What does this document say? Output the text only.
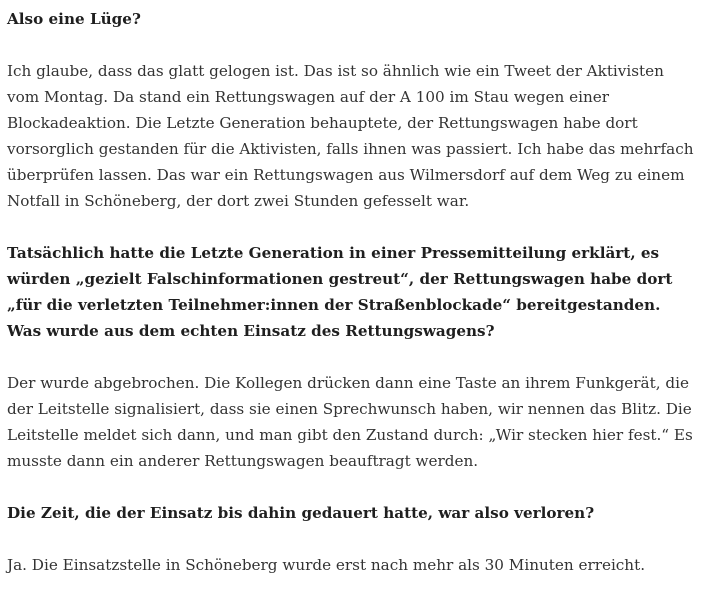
Also eine Lüge?

Ich glaube, dass das glatt gelogen ist. Das ist so ähnlich wie ein Tweet der Aktivisten vom Montag. Da stand ein Rettungswagen auf der A 100 im Stau wegen einer Blockadeaktion. Die Letzte Generation behauptete, der Rettungswagen habe dort vorsorglich gestanden für die Aktivisten, falls ihnen was passiert. Ich habe das mehrfach überprüfen lassen. Das war ein Rettungswagen aus Wilmersdorf auf dem Weg zu einem Notfall in Schöneberg, der dort zwei Stunden gefesselt war.

Tatsächlich hatte die Letzte Generation in einer Pressemitteilung erklärt, es würden „gezielt Falschinformationen gestreut“, der Rettungswagen habe dort „für die verletzten Teilnehmer:innen der Straßenblockade“ bereitgestanden. Was wurde aus dem echten Einsatz des Rettungswagens?

Der wurde abgebrochen. Die Kollegen drücken dann eine Taste an ihrem Funkgerät, die der Leitstelle signalisiert, dass sie einen Sprechwunsch haben, wir nennen das Blitz. Die Leitstelle meldet sich dann, und man gibt den Zustand durch: „Wir stecken hier fest.“ Es musste dann ein anderer Rettungswagen beauftragt werden.

Die Zeit, die der Einsatz bis dahin gedauert hatte, war also verloren?

Ja. Die Einsatzstelle in Schöneberg wurde erst nach mehr als 30 Minuten erreicht.
